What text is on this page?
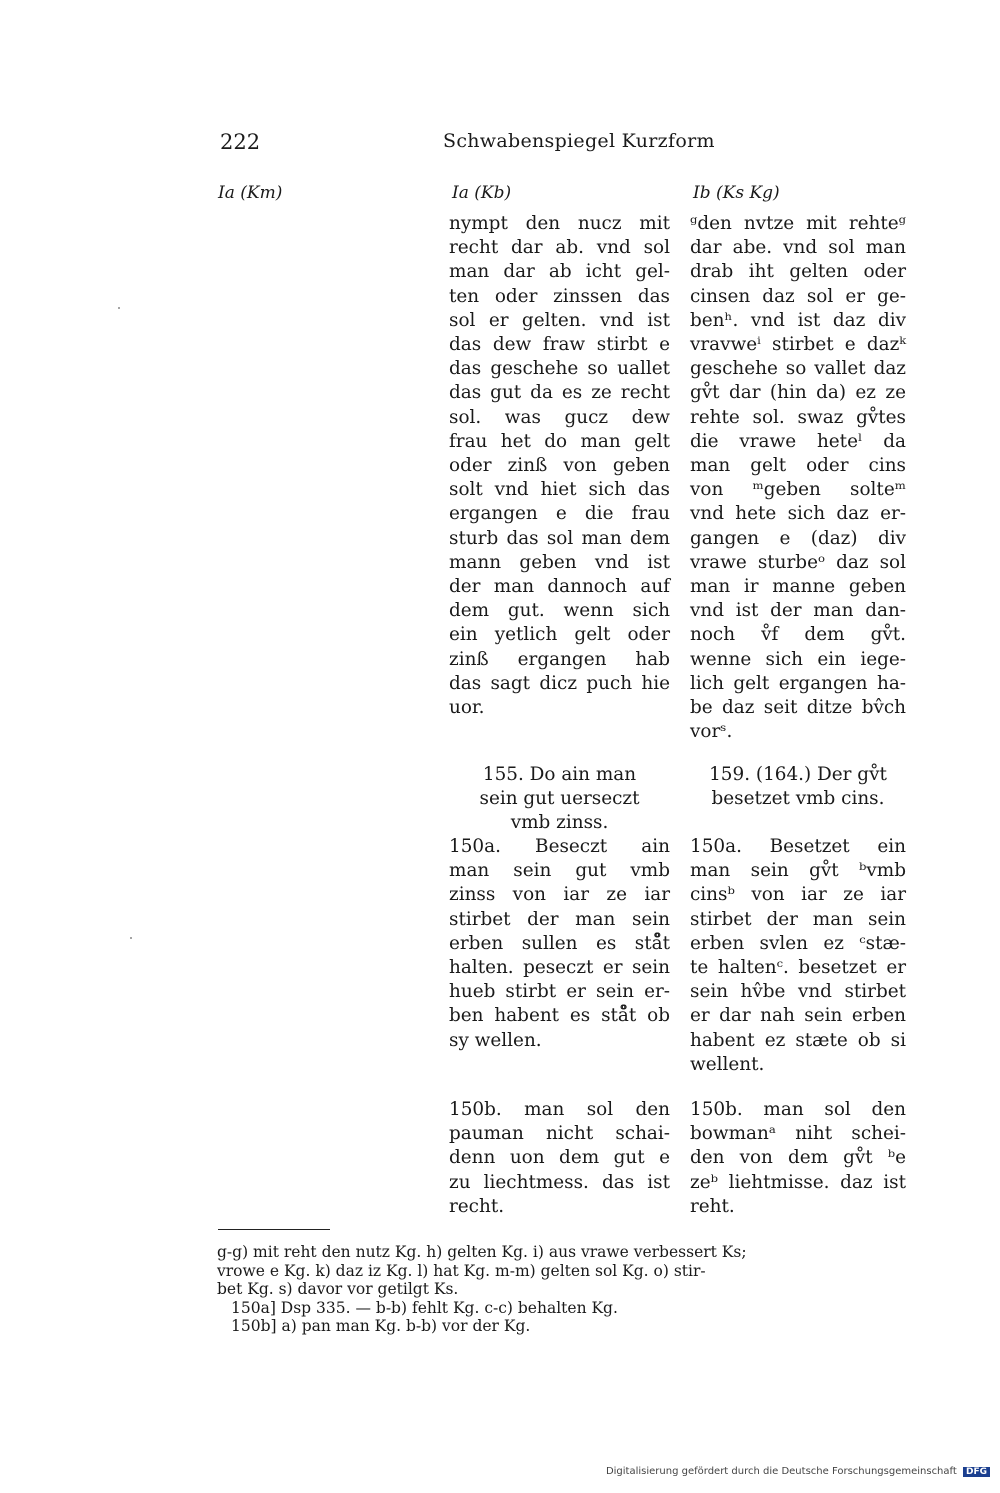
222	Schwabenspiegel Kurzform
Ia (Km)	Ia (Kb)	Ib (Ks Kg)
nympt den nucz mit
recht dar ab. vnd sol
man dar ab icht gel-
ten oder zinssen das
sol er gelten. vnd ist
das dew fraw stirbt e
das geschehe so uallet
das gut da es ze recht
sol. was gucz dew
frau het do man gelt
oder zinß von geben
solt vnd hiet sich das
ergangen e die frau
sturb das sol man dem
mann geben vnd ist
der man dannoch auf
dem gut. wenn sich
ein yetlich gelt oder
zinß ergangen hab
das sagt dicz puch hie
uor.
ᵍden nvtze mit rehteᵍ
dar abe. vnd sol man
drab iht gelten oder
cinsen daz sol er ge-
benʰ. vnd ist daz div
vravweⁱ stirbet e dazᵏ
geschehe so vallet daz
gv̊t dar (hin da) ez ze
rehte sol. swaz gv̊tes
die vrawe heteˡ da
man gelt oder cins
von ᵐgeben solteᵐ
vnd hete sich daz er-
gangen e (daz) div
vrawe sturbeᵒ daz sol
man ir manne geben
vnd ist der man dan-
noch v̊f dem gv̊t.
wenne sich ein iege-
lich gelt ergangen ha-
be daz seit ditze bv̂ch
vorˢ.
155. Do ain man
sein gut uerseczt
vmb zinss.
159. (164.) Der gv̊t
besetzet vmb cins.
150a. Beseczt ain
man sein gut vmb
zinss von iar ze iar
stirbet der man sein
erben sullen es stå̊t
halten. peseczt er sein
hueb stirbt er sein er-
ben habent es stå̊t ob
sy wellen.
150a. Besetzet ein
man sein gv̊t ᵇvmb
cinsᵇ von iar ze iar
stirbet der man sein
erben svlen ez ᶜstæ-
te haltenᶜ. besetzet er
sein hv̂be vnd stirbet
er dar nah sein erben
habent ez stæte ob si
wellent.
150b. man sol den
pauman nicht schai-
denn uon dem gut e
zu liechtmess. das ist
recht.
150b. man sol den
bowmanᵃ niht schei-
den von dem gv̊t ᵇe
zeᵇ liehtmisse. daz ist
reht.
g-g) mit reht den nutz Kg. h) gelten Kg. i) aus vrawe verbessert Ks;
vrowe e Kg. k) daz iz Kg. l) hat Kg. m-m) gelten sol Kg. o) stir-
bet Kg. s) davor vor getilgt Ks.
150a] Dsp 335. — b-b) fehlt Kg. c-c) behalten Kg.
150b] a) pan man Kg. b-b) vor der Kg.
Digitalisierung gefördert durch die Deutsche Forschungsgemeinschaft DFG
